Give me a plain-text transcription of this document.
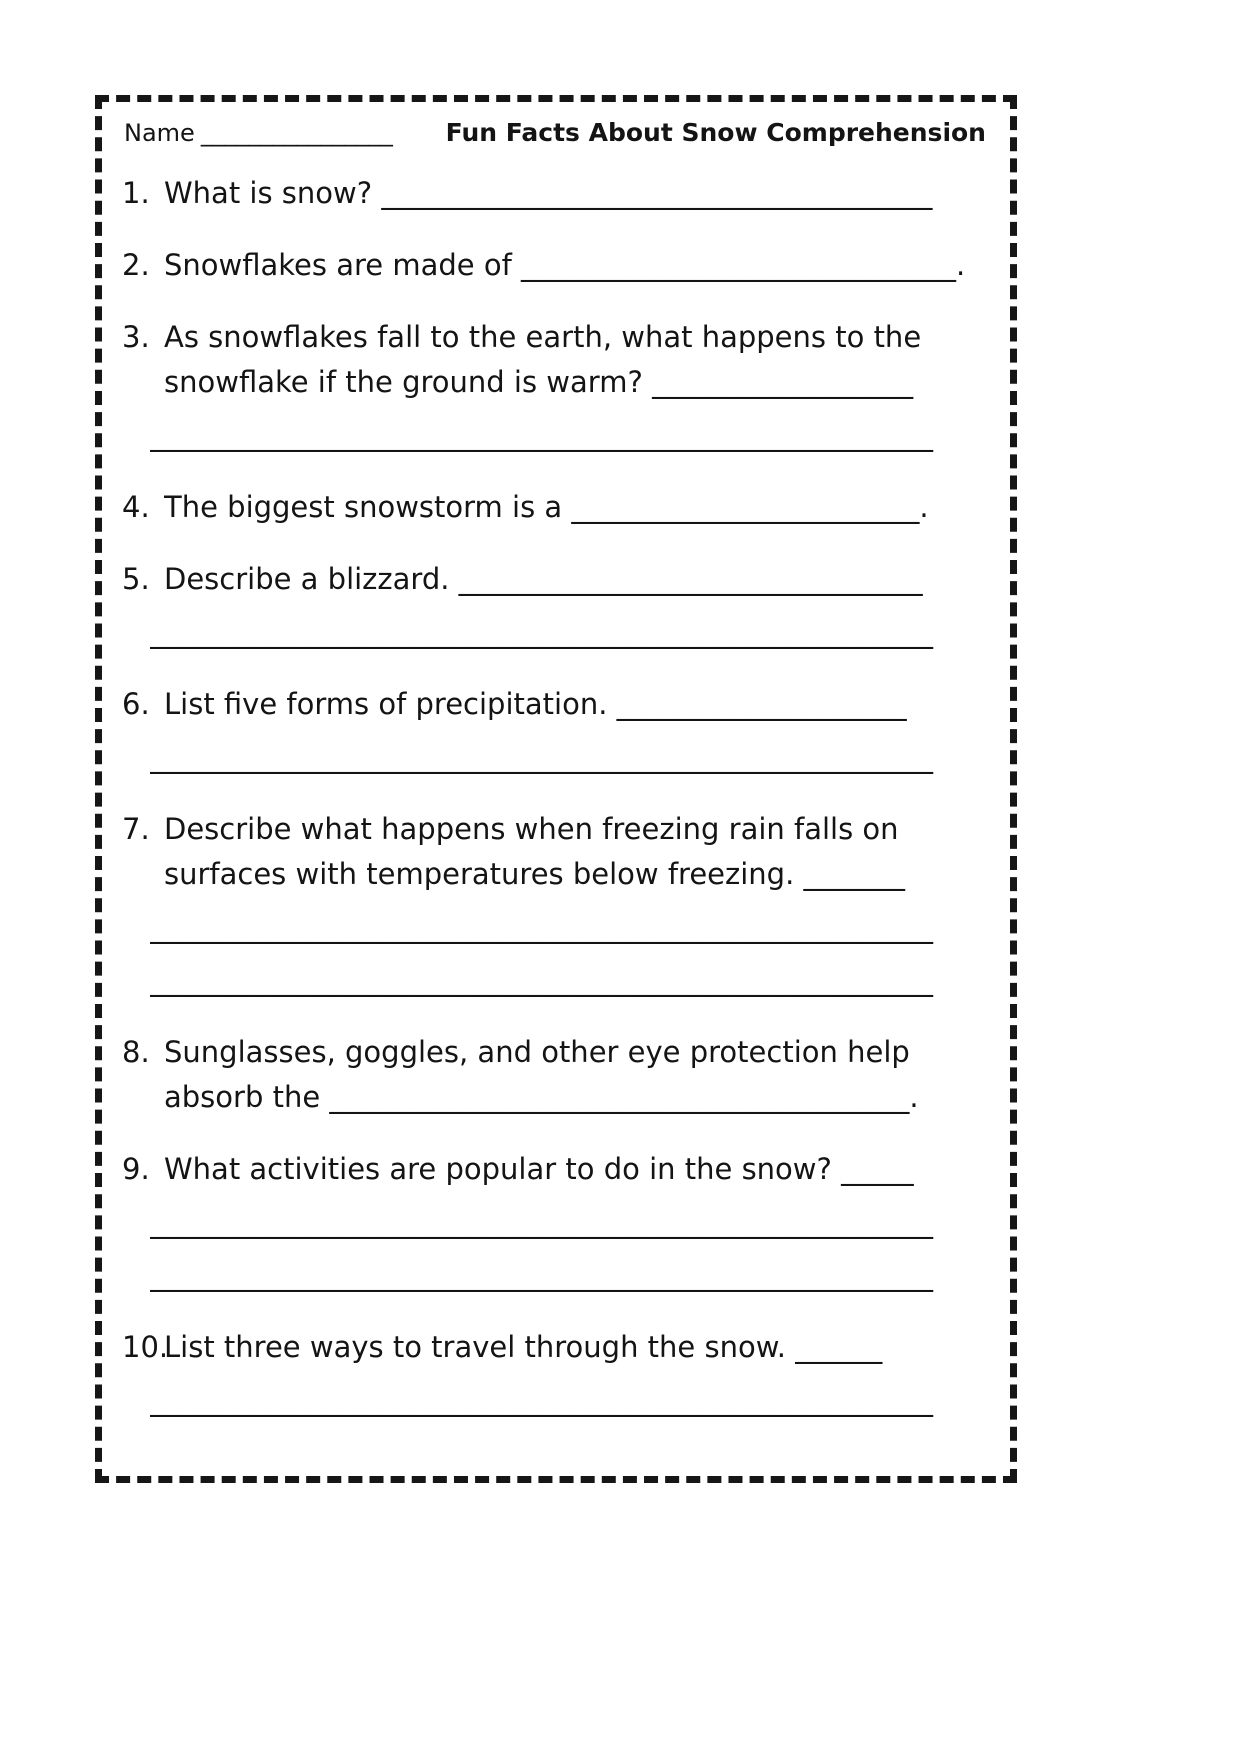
Name ________________ Fun Facts About Snow Comprehension
1. What is snow? ______________________________________
2. Snowflakes are made of ______________________________.
3. As snowflakes fall to the earth, what happens to the
snowflake if the ground is warm? __________________
______________________________________________________
4. The biggest snowstorm is a ________________________.
5. Describe a blizzard. ________________________________
______________________________________________________
6. List five forms of precipitation. ____________________
______________________________________________________
7. Describe what happens when freezing rain falls on
surfaces with temperatures below freezing. _______
______________________________________________________
______________________________________________________
8. Sunglasses, goggles, and other eye protection help
absorb the ________________________________________.
9. What activities are popular to do in the snow? _____
______________________________________________________
______________________________________________________
10.
List three ways to travel through the snow. ______
______________________________________________________
